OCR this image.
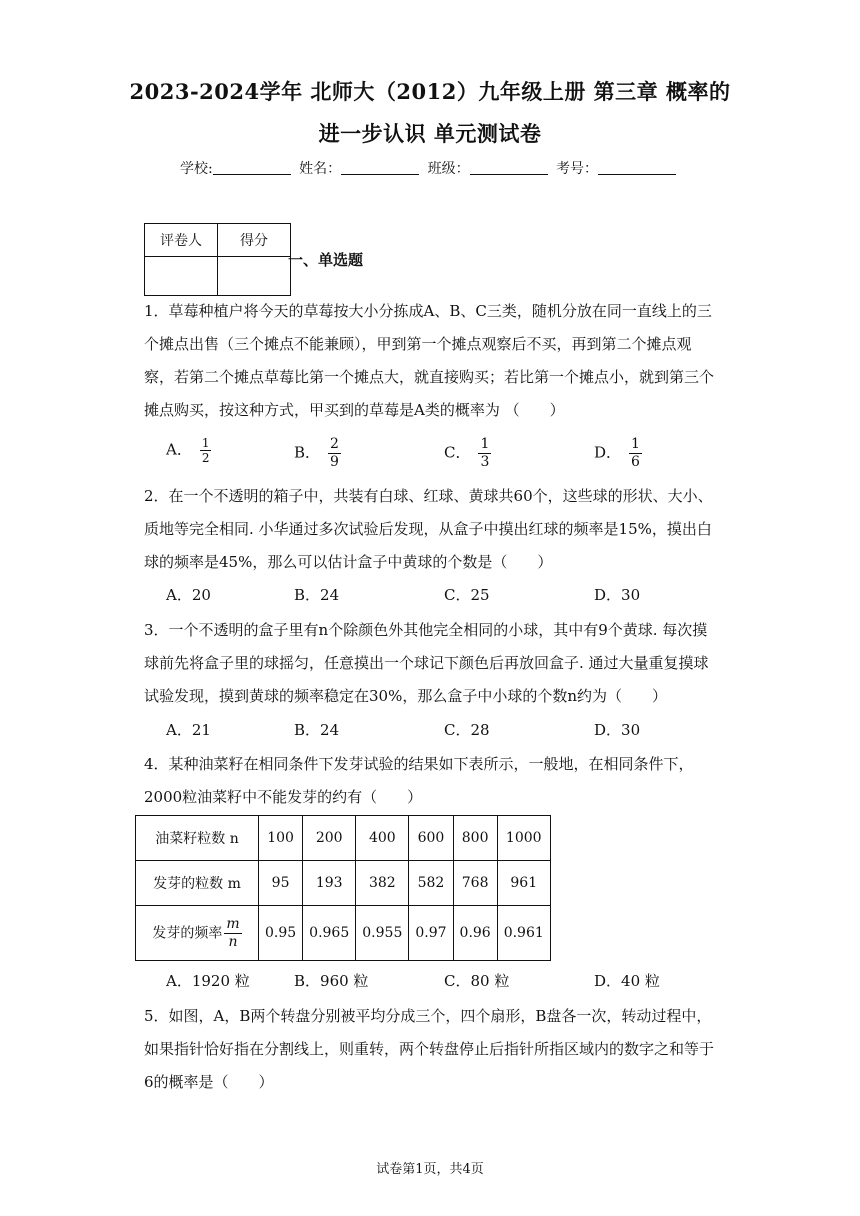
2023-2024学年 北师大（2012）九年级上册 第三章 概率的
进一步认识 单元测试卷
学校:	姓名：	班级：	考号：
评卷人	得分

一、单选题
1．草莓种植户将今天的草莓按大小分拣成A、B、C三类，随机分放在同一直线上的三个摊点出售（三个摊点不能兼顾），甲到第一个摊点观察后不买，再到第二个摊点观察，若第二个摊点草莓比第一个摊点大，就直接购买；若比第一个摊点小，就到第三个摊点购买，按这种方式，甲买到的草莓是A类的概率为 （　　）
A． $\frac{1}{2}$	B． $\frac{2}{9}$	C． $\frac{1}{3}$	D． $\frac{1}{6}$
2．在一个不透明的箱子中，共装有白球、红球、黄球共60个，这些球的形状、大小、质地等完全相同. 小华通过多次试验后发现，从盒子中摸出红球的频率是15%，摸出白球的频率是45%，那么可以估计盒子中黄球的个数是（　　）
A．20	B．24	C．25	D．30
3．一个不透明的盒子里有n个除颜色外其他完全相同的小球，其中有9个黄球. 每次摸球前先将盒子里的球摇匀，任意摸出一个球记下颜色后再放回盒子. 通过大量重复摸球试验发现，摸到黄球的频率稳定在30%，那么盒子中小球的个数n约为（　　）
A．21	B．24	C．28	D．30
4．某种油菜籽在相同条件下发芽试验的结果如下表所示，一般地，在相同条件下，2000粒油菜籽中不能发芽的约有（　　）
油菜籽粒数 n	100	200	400	600	800	1000
发芽的粒数 m	95	193	382	582	768	961
发芽的频率 $\frac{m}{n}$	0.95	0.965	0.955	0.97	0.96	0.961
A．1920 粒	B．960 粒	C．80 粒	D．40 粒
5．如图，A，B两个转盘分别被平均分成三个，四个扇形，B盘各一次，转动过程中，如果指针恰好指在分割线上，则重转，两个转盘停止后指针所指区域内的数字之和等于6的概率是（　　）
试卷第1页，共4页
